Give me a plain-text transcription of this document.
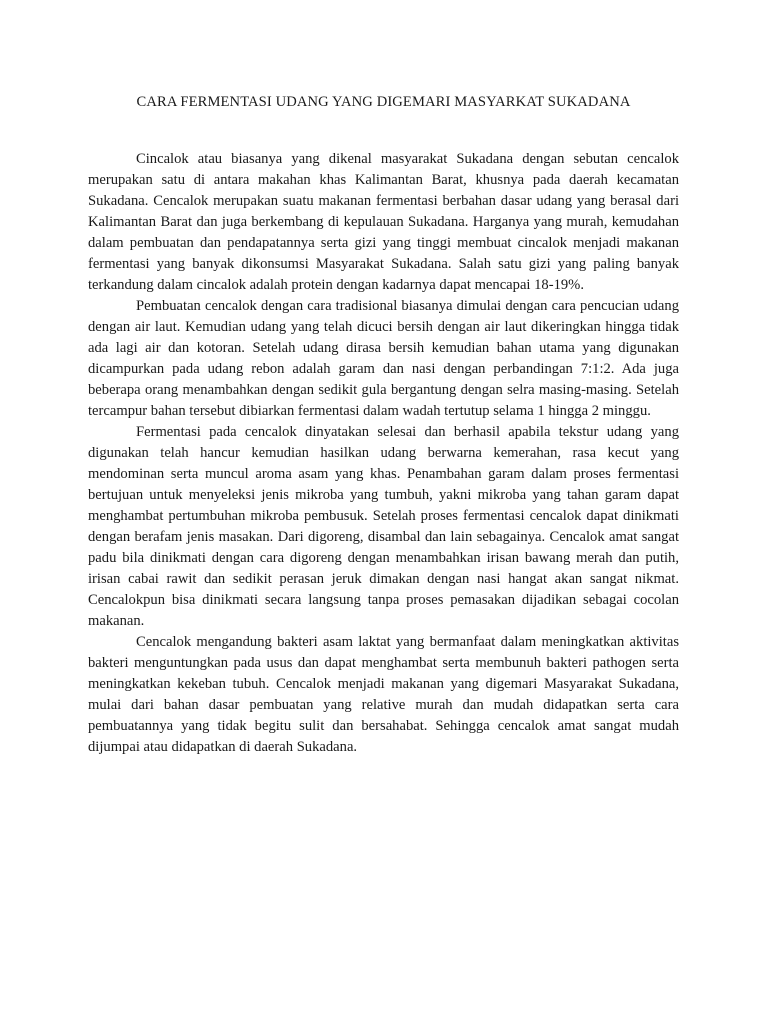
CARA FERMENTASI UDANG YANG DIGEMARI MASYARKAT SUKADANA

Cincalok atau biasanya yang dikenal masyarakat Sukadana dengan sebutan cencalok merupakan satu di antara makahan khas Kalimantan Barat, khusnya pada daerah kecamatan Sukadana. Cencalok merupakan suatu makanan fermentasi berbahan dasar udang yang berasal dari Kalimantan Barat dan juga berkembang di kepulauan Sukadana. Harganya yang murah, kemudahan dalam pembuatan dan pendapatannya serta gizi yang tinggi membuat cincalok menjadi makanan fermentasi yang banyak dikonsumsi Masyarakat Sukadana. Salah satu gizi yang paling banyak terkandung dalam cincalok adalah protein dengan kadarnya dapat mencapai 18-19%.

Pembuatan cencalok dengan cara tradisional biasanya dimulai dengan cara pencucian udang dengan air laut. Kemudian udang yang telah dicuci bersih dengan air laut dikeringkan hingga tidak ada lagi air dan kotoran. Setelah udang dirasa bersih kemudian bahan utama yang digunakan dicampurkan pada udang rebon adalah garam dan nasi dengan perbandingan 7:1:2. Ada juga beberapa orang menambahkan dengan sedikit gula bergantung dengan selra masing-masing. Setelah tercampur bahan tersebut dibiarkan fermentasi dalam wadah tertutup selama 1 hingga 2 minggu.

Fermentasi pada cencalok dinyatakan selesai dan berhasil apabila tekstur udang yang digunakan telah hancur kemudian hasilkan udang berwarna kemerahan, rasa kecut yang mendominan serta muncul aroma asam yang khas. Penambahan garam dalam proses fermentasi bertujuan untuk menyeleksi jenis mikroba yang tumbuh, yakni mikroba yang tahan garam dapat menghambat pertumbuhan mikroba pembusuk. Setelah proses fermentasi cencalok dapat dinikmati dengan berafam jenis masakan. Dari digoreng, disambal dan lain sebagainya. Cencalok amat sangat padu bila dinikmati dengan cara digoreng dengan menambahkan irisan bawang merah dan putih, irisan cabai rawit dan sedikit perasan jeruk dimakan dengan nasi hangat akan sangat nikmat. Cencalokpun bisa dinikmati secara langsung tanpa proses pemasakan dijadikan sebagai cocolan makanan.

Cencalok mengandung bakteri asam laktat yang bermanfaat dalam meningkatkan aktivitas bakteri menguntungkan pada usus dan dapat menghambat serta membunuh bakteri pathogen serta meningkatkan kekeban tubuh. Cencalok menjadi makanan yang digemari Masyarakat Sukadana, mulai dari bahan dasar pembuatan yang relative murah dan mudah didapatkan serta cara pembuatannya yang tidak begitu sulit dan bersahabat. Sehingga cencalok amat sangat mudah dijumpai atau didapatkan di daerah Sukadana.
